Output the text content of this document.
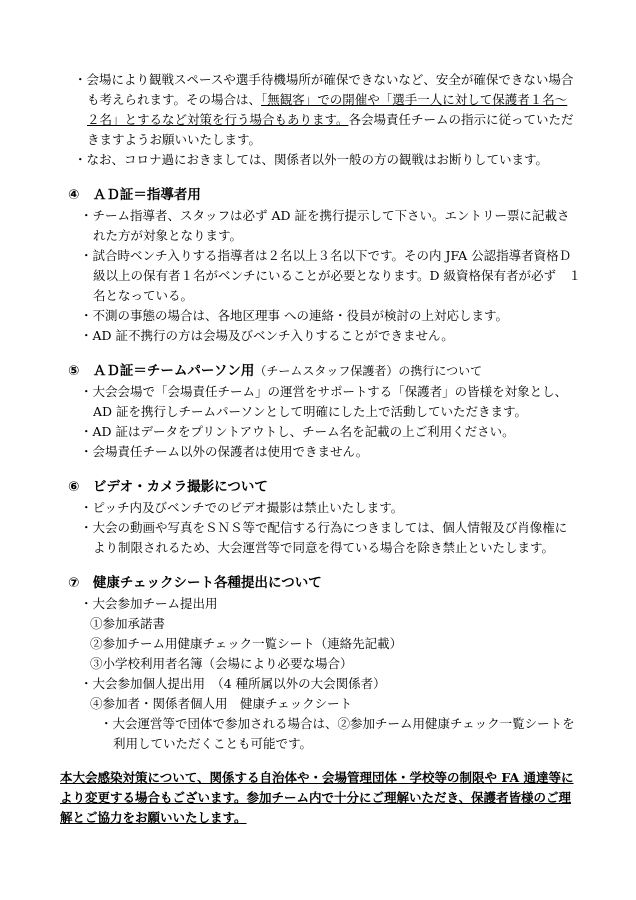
・会場により観戦スペースや選手待機場所が確保できないなど、安全が確保できない場合
も考えられます。その場合は、「無観客」での開催や「選手一人に対して保護者１名～
２名」とするなど対策を行う場合もあります。各会場責任チームの指示に従っていただ
きますようお願いいたします。
・なお、コロナ過におきましては、関係者以外一般の方の観戦はお断りしています。
④　ＡＤ証＝指導者用
・チーム指導者、スタッフは必ず AD 証を携行提示して下さい。エントリー票に記載さ
れた方が対象となります。
・試合時ベンチ入りする指導者は２名以上３名以下です。その内 JFA 公認指導者資格Ｄ
級以上の保有者１名がベンチにいることが必要となります。D 級資格保有者が必ず　１
名となっている。
・不測の事態の場合は、各地区理事 への連絡・役員が検討の上対応します。
・AD 証不携行の方は会場及びベンチ入りすることができません。
⑤　ＡＤ証＝チームパーソン用（チームスタッフ保護者）の携行について
・大会会場で「会場責任チーム」の運営をサポートする「保護者」の皆様を対象とし、
AD 証を携行しチームパーソンとして明確にした上で活動していただきます。
・AD 証はデータをプリントアウトし、チーム名を記載の上ご利用ください。
・会場責任チーム以外の保護者は使用できません。
⑥　ビデオ・カメラ撮影について
・ピッチ内及びベンチでのビデオ撮影は禁止いたします。
・大会の動画や写真をＳＮＳ等で配信する行為につきましては、個人情報及び肖像権に
より制限されるため、大会運営等で同意を得ている場合を除き禁止といたします。
⑦　健康チェックシート各種提出について
・大会参加チーム提出用
①参加承諾書
②参加チーム用健康チェック一覧シート（連絡先記載）
③小学校利用者名簿（会場により必要な場合）
・大会参加個人提出用　（4 種所属以外の大会関係者）
④参加者・関係者個人用　健康チェックシート
・大会運営等で団体で参加される場合は、②参加チーム用健康チェック一覧シートを
利用していただくことも可能です。
本大会感染対策について、関係する自治体や・会場管理団体・学校等の制限や FA 通達等に
より変更する場合もございます。参加チーム内で十分にご理解いただき、保護者皆様のご理
解とご協力をお願いいたします。
